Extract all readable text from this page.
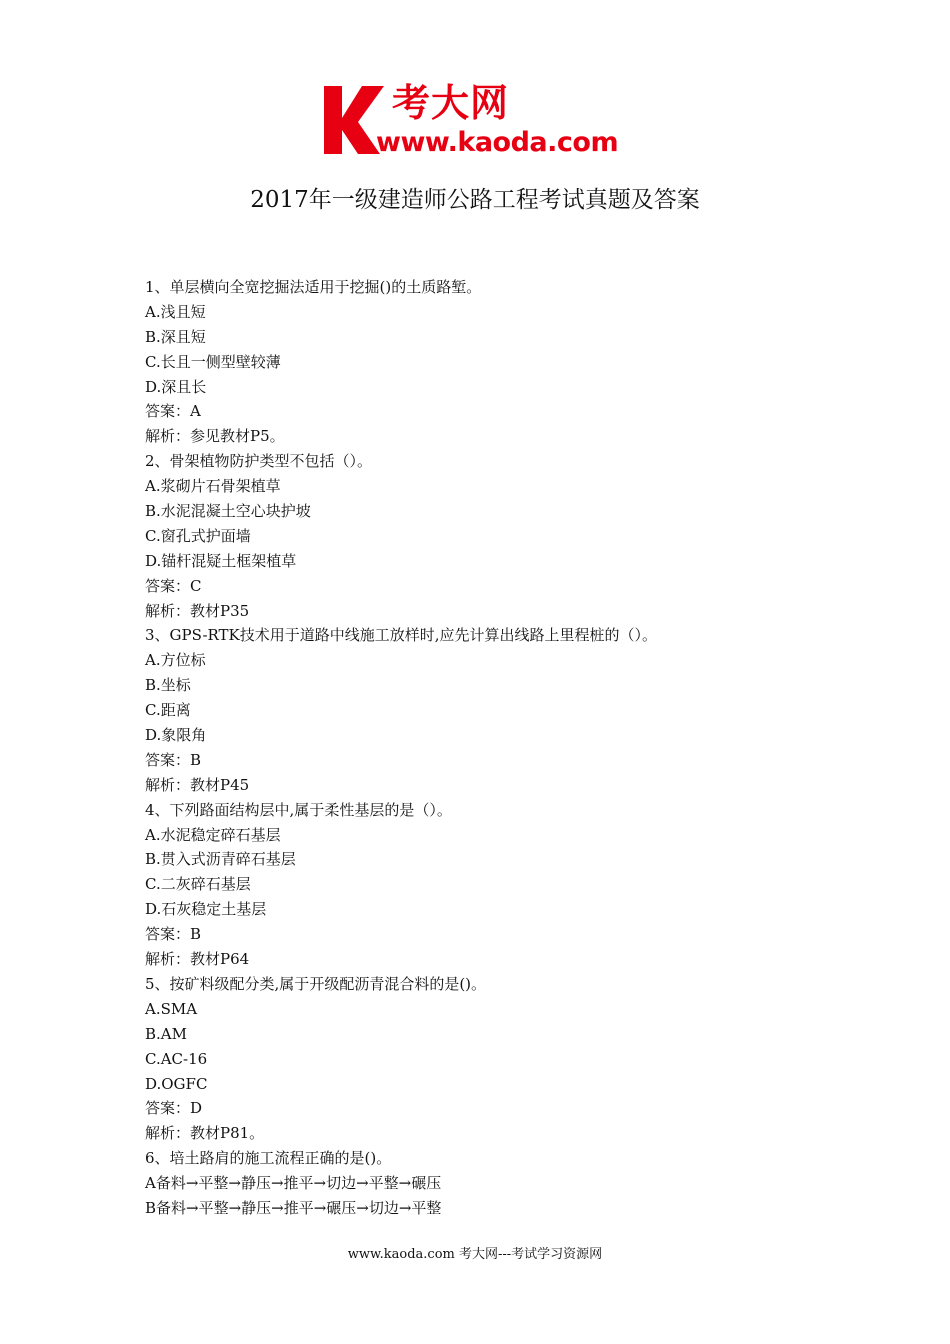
考大网
www.kaoda.com
2017年一级建造师公路工程考试真题及答案
1、单层横向全宽挖掘法适用于挖掘()的土质路堑。
A.浅且短
B.深且短
C.长且一侧型壁较薄
D.深且长
答案：A
解析：参见教材P5。
2、骨架植物防护类型不包括（）。
A.浆砌片石骨架植草
B.水泥混凝土空心块护坡
C.窗孔式护面墙
D.锚杆混疑土框架植草
答案：C
解析：教材P35
3、GPS-RTK技术用于道路中线施工放样时,应先计算出线路上里程桩的（）。
A.方位标
B.坐标
C.距离
D.象限角
答案：B
解析：教材P45
4、下列路面结构层中,属于柔性基层的是（）。
A.水泥稳定碎石基层
B.贯入式沥青碎石基层
C.二灰碎石基层
D.石灰稳定土基层
答案：B
解析：教材P64
5、按矿料级配分类,属于开级配沥青混合料的是()。
A.SMA
B.AM
C.AC-16
D.OGFC
答案：D
解析：教材P81。
6、培土路肩的施工流程正确的是()。
A备料→平整→静压→推平→切边→平整→碾压
B备料→平整→静压→推平→碾压→切边→平整
www.kaoda.com 考大网---考试学习资源网
